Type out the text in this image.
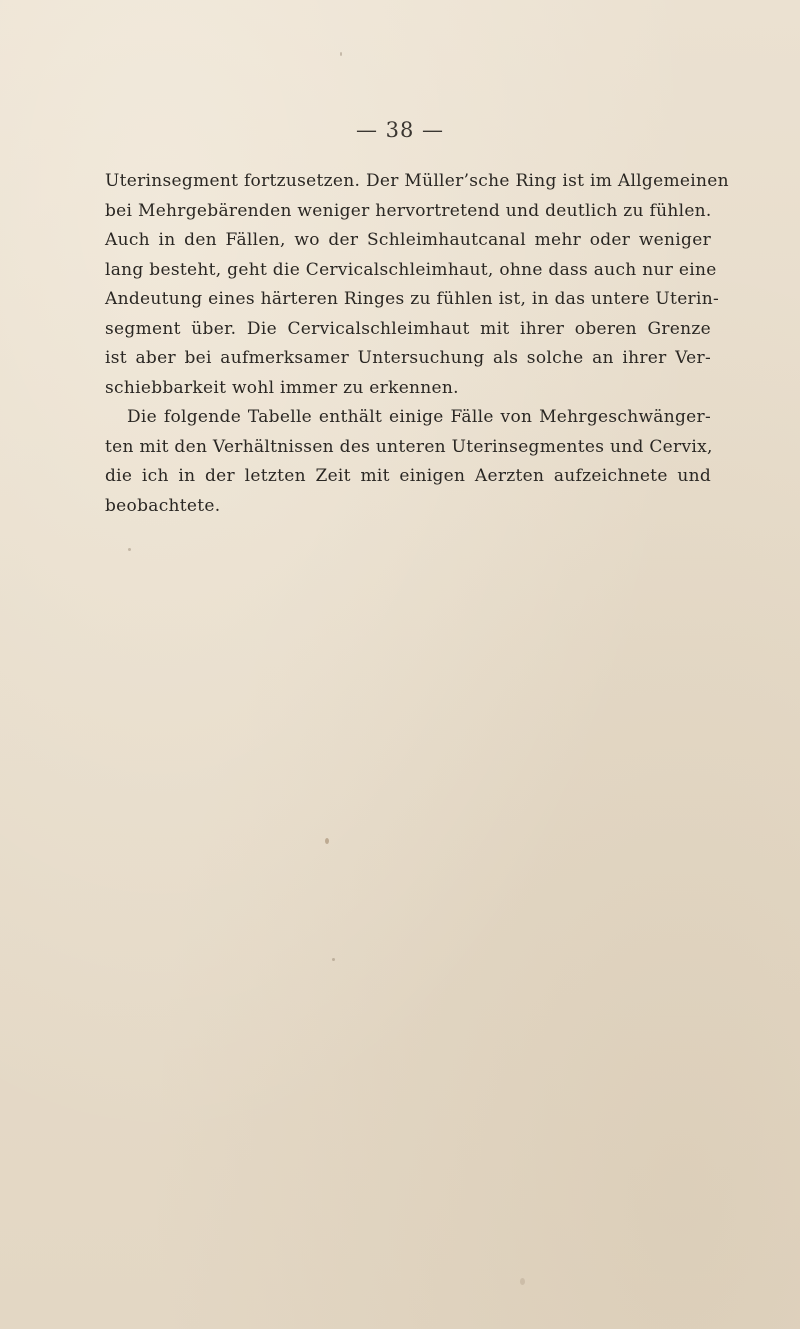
— 38 —
Uterinsegment fortzusetzen. Der Müller’sche Ring ist im Allgemeinen
bei Mehrgebärenden weniger hervortretend und deutlich zu fühlen.
Auch in den Fällen, wo der Schleimhautcanal mehr oder weniger
lang besteht, geht die Cervicalschleimhaut, ohne dass auch nur eine
Andeutung eines härteren Ringes zu fühlen ist, in das untere Uterin-
segment über. Die Cervicalschleimhaut mit ihrer oberen Grenze
ist aber bei aufmerksamer Untersuchung als solche an ihrer Ver-
schiebbarkeit wohl immer zu erkennen.
Die folgende Tabelle enthält einige Fälle von Mehrgeschwänger-
ten mit den Verhältnissen des unteren Uterinsegmentes und Cervix,
die ich in der letzten Zeit mit einigen Aerzten aufzeichnete und
beobachtete.
